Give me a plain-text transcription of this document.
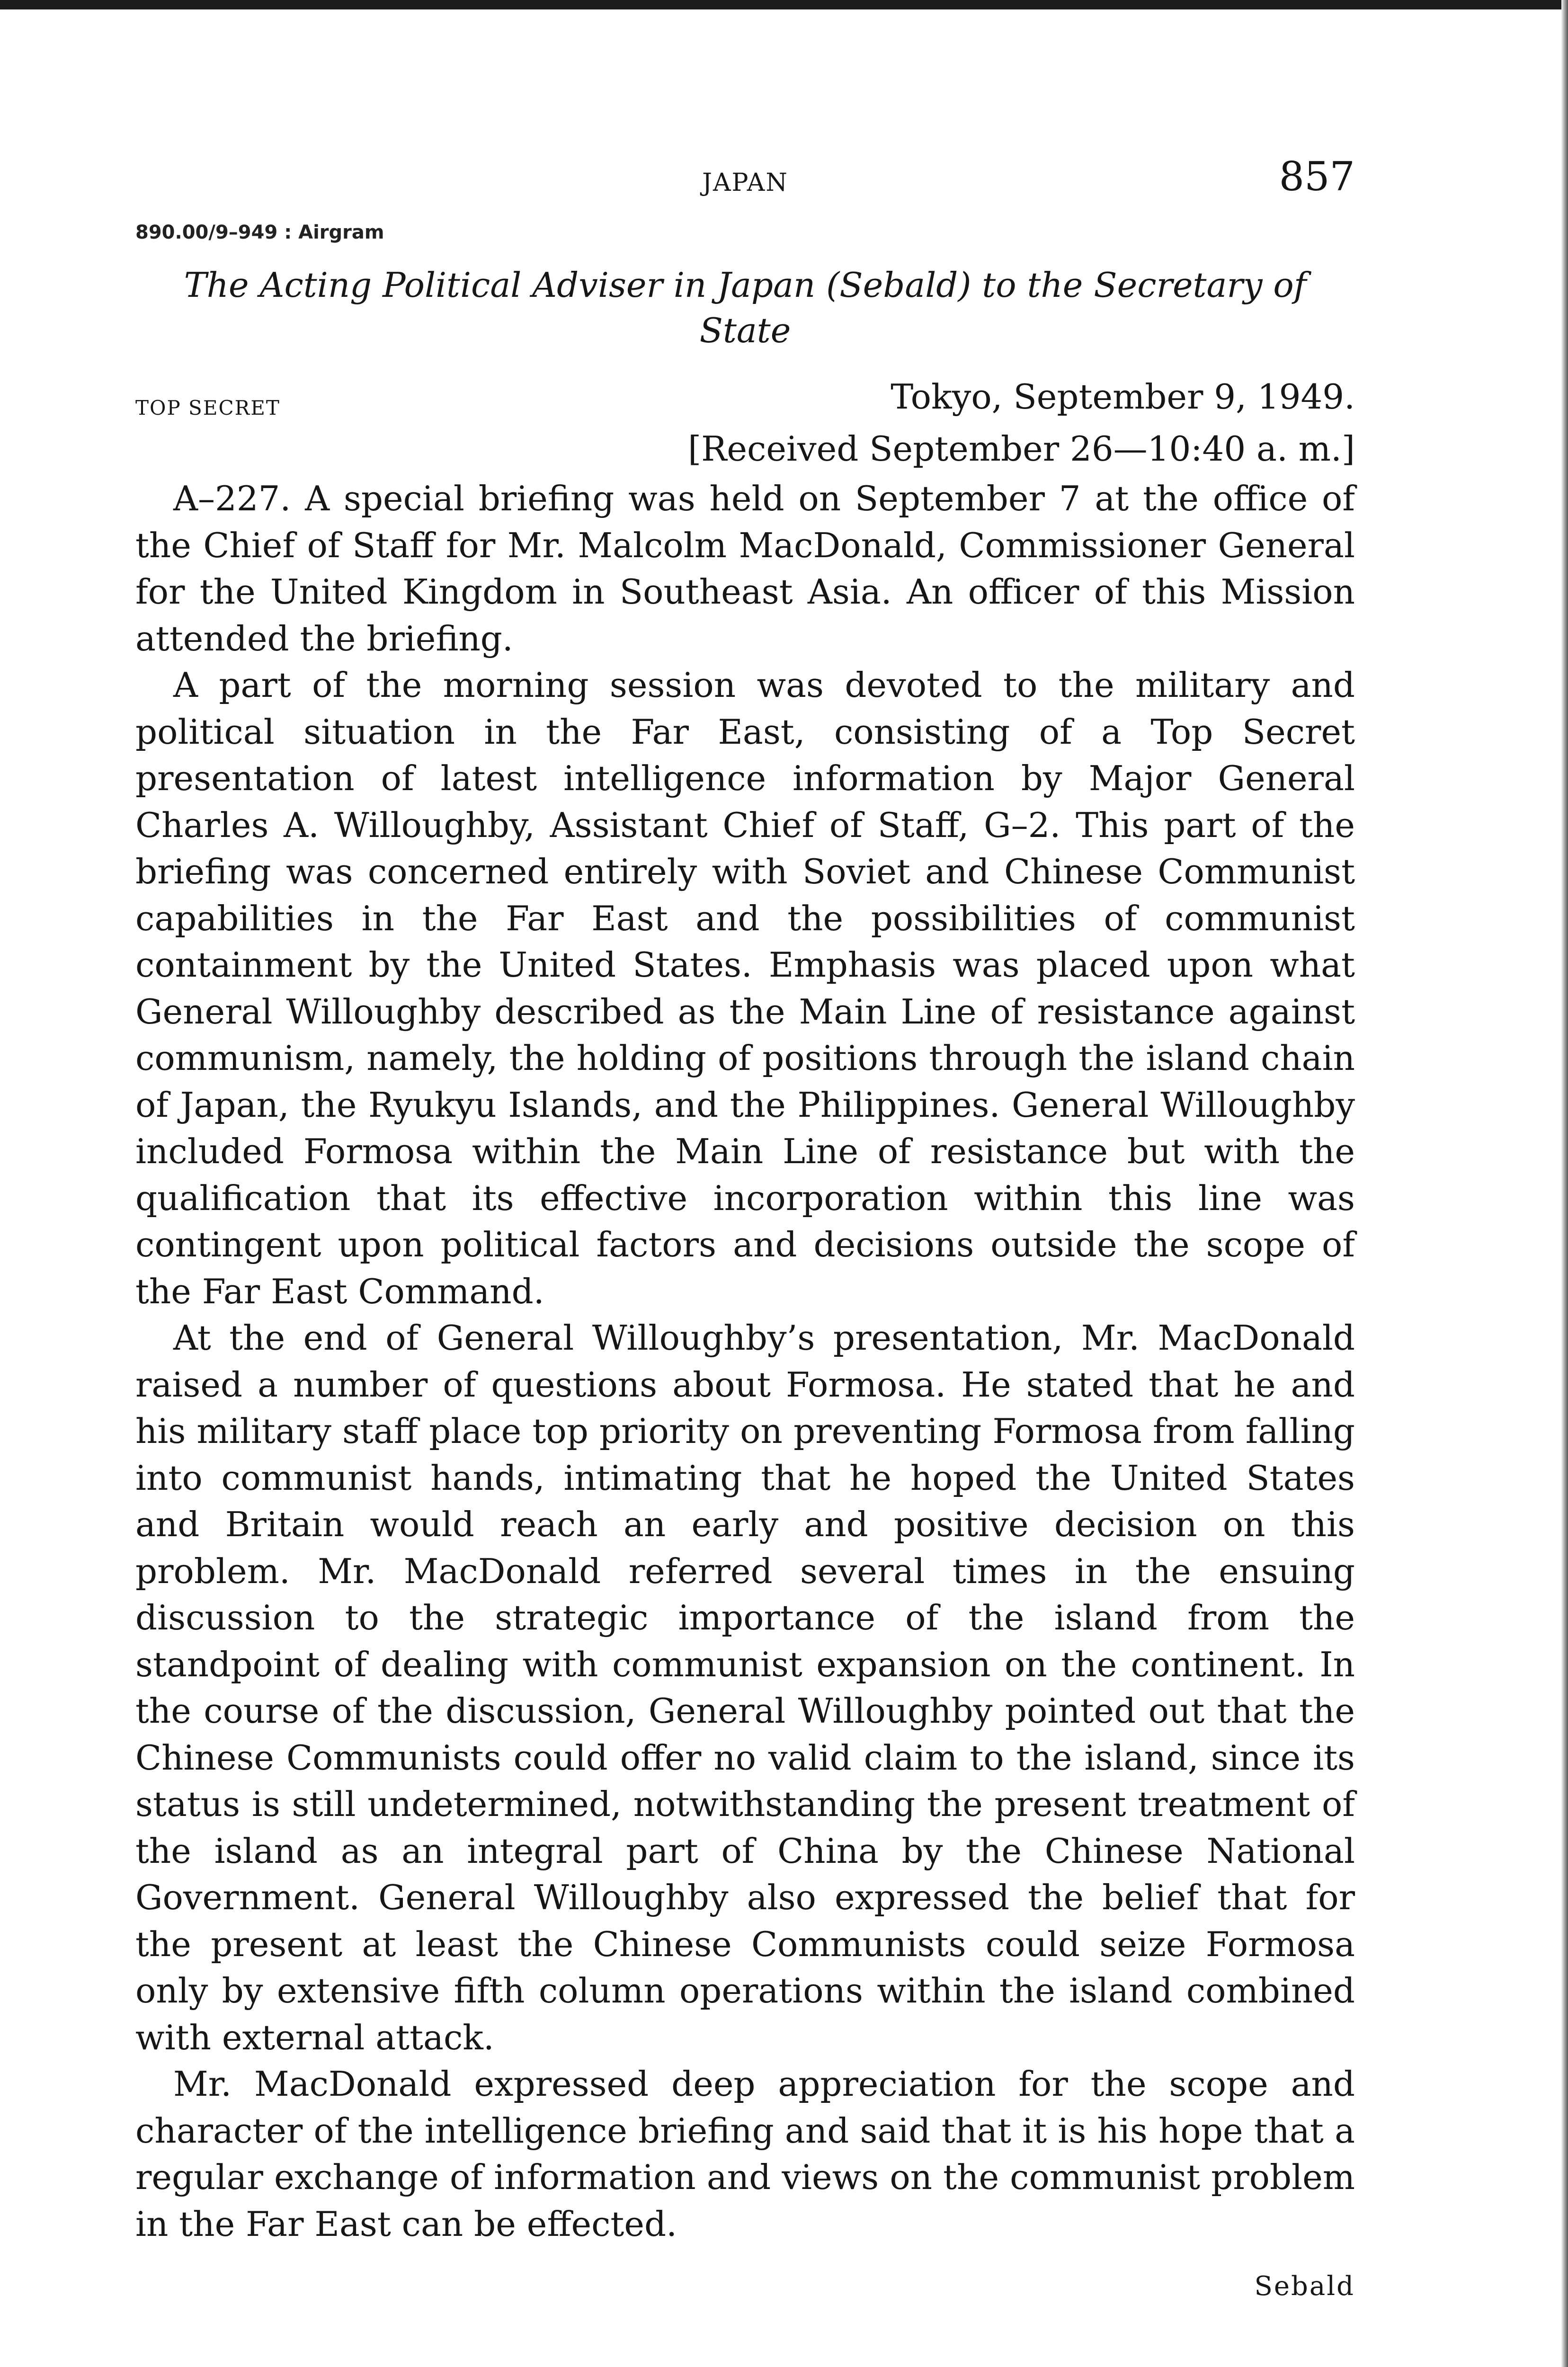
JAPAN	857
890.00/9–949 : Airgram
The Acting Political Adviser in Japan (Sebald) to the Secretary of State
TOP SECRET	Tokyo, September 9, 1949.
[Received September 26—10:40 a. m.]

A–227. A special briefing was held on September 7 at the office of the Chief of Staff for Mr. Malcolm MacDonald, Commissioner General for the United Kingdom in Southeast Asia. An officer of this Mission attended the briefing.

A part of the morning session was devoted to the military and political situation in the Far East, consisting of a Top Secret presentation of latest intelligence information by Major General Charles A. Willoughby, Assistant Chief of Staff, G–2. This part of the briefing was concerned entirely with Soviet and Chinese Communist capabilities in the Far East and the possibilities of communist containment by the United States. Emphasis was placed upon what General Willoughby described as the Main Line of resistance against communism, namely, the holding of positions through the island chain of Japan, the Ryukyu Islands, and the Philippines. General Willoughby included Formosa within the Main Line of resistance but with the qualification that its effective incorporation within this line was contingent upon political factors and decisions outside the scope of the Far East Command.

At the end of General Willoughby’s presentation, Mr. MacDonald raised a number of questions about Formosa. He stated that he and his military staff place top priority on preventing Formosa from falling into communist hands, intimating that he hoped the United States and Britain would reach an early and positive decision on this problem. Mr. MacDonald referred several times in the ensuing discussion to the strategic importance of the island from the standpoint of dealing with communist expansion on the continent. In the course of the discussion, General Willoughby pointed out that the Chinese Communists could offer no valid claim to the island, since its status is still undetermined, notwithstanding the present treatment of the island as an integral part of China by the Chinese National Government. General Willoughby also expressed the belief that for the present at least the Chinese Communists could seize Formosa only by extensive fifth column operations within the island combined with external attack.

Mr. MacDonald expressed deep appreciation for the scope and character of the intelligence briefing and said that it is his hope that a regular exchange of information and views on the communist problem in the Far East can be effected.

Sebald
